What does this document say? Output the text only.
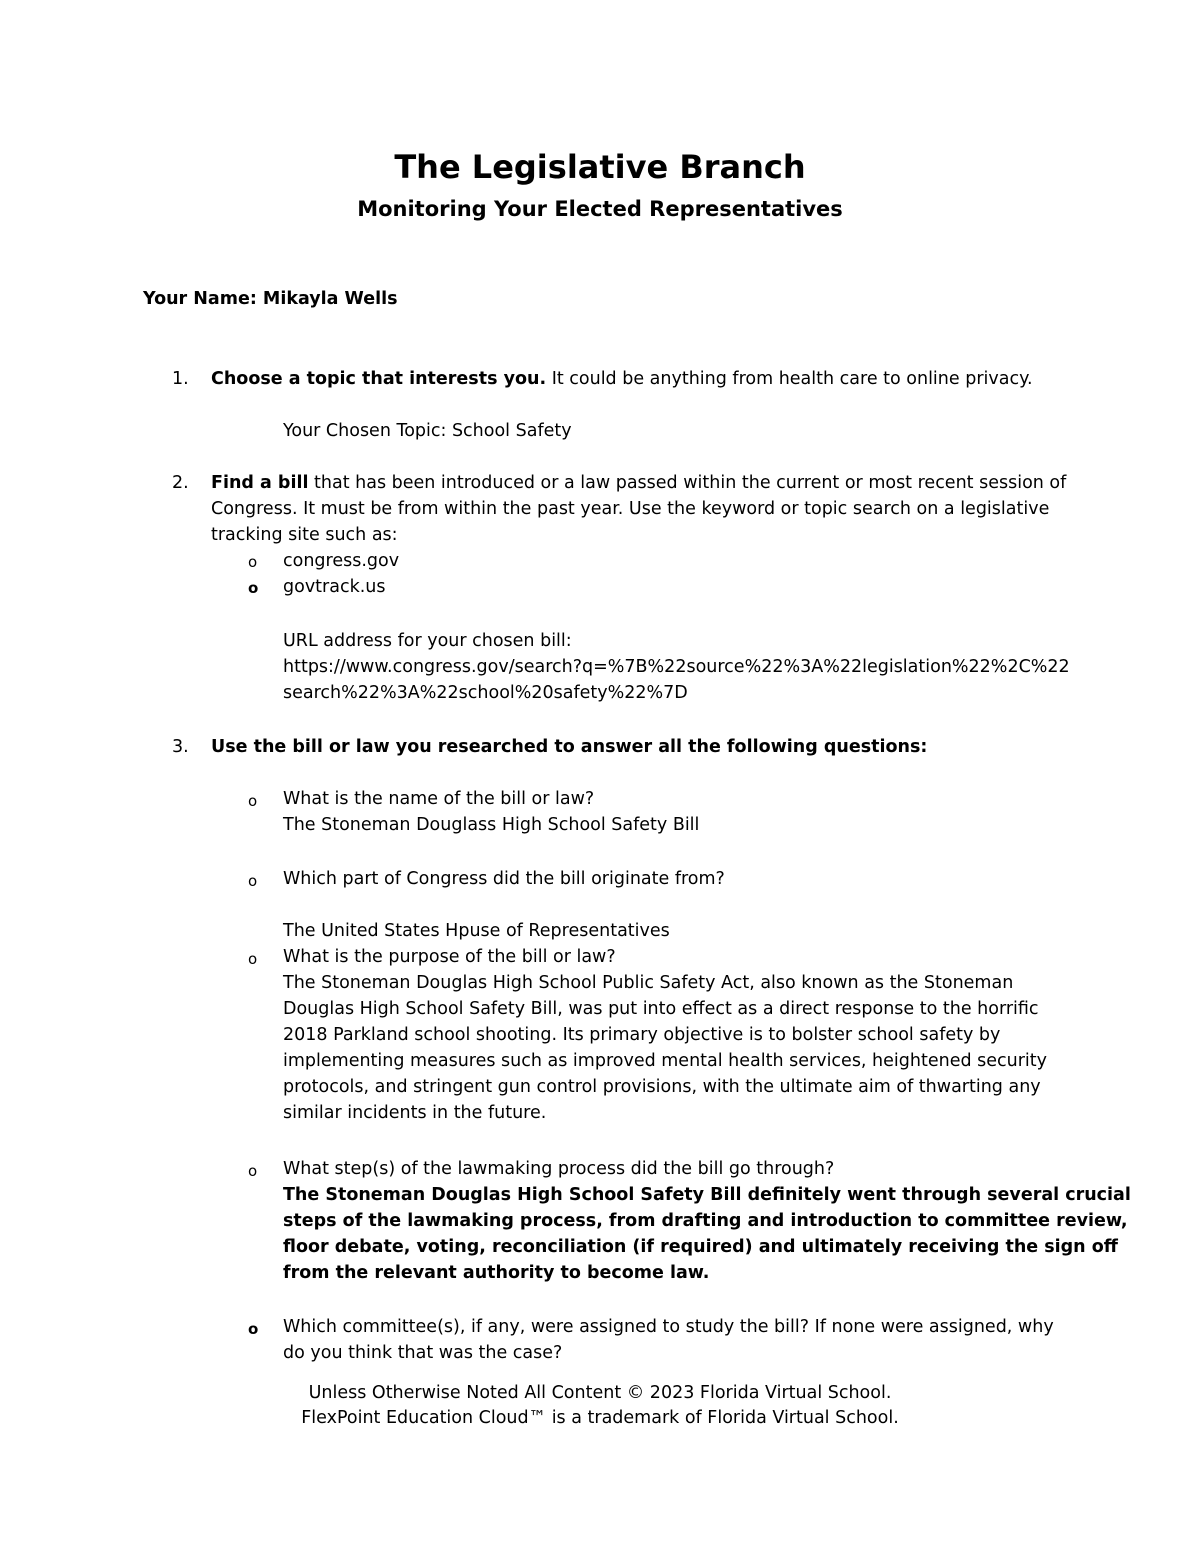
The Legislative Branch
Monitoring Your Elected Representatives
Your Name: Mikayla Wells
1. Choose a topic that interests you. It could be anything from health care to online privacy.
Your Chosen Topic: School Safety
2. Find a bill that has been introduced or a law passed within the current or most recent session of
Congress. It must be from within the past year. Use the keyword or topic search on a legislative
tracking site such as:
o congress.gov
o govtrack.us
URL address for your chosen bill:
https://www.congress.gov/search?q=%7B%22source%22%3A%22legislation%22%2C%22
search%22%3A%22school%20safety%22%7D
3. Use the bill or law you researched to answer all the following questions:
o What is the name of the bill or law?
The Stoneman Douglass High School Safety Bill
o Which part of Congress did the bill originate from?
The United States Hpuse of Representatives
o What is the purpose of the bill or law?
The Stoneman Douglas High School Public Safety Act, also known as the Stoneman
Douglas High School Safety Bill, was put into effect as a direct response to the horrific
2018 Parkland school shooting. Its primary objective is to bolster school safety by
implementing measures such as improved mental health services, heightened security
protocols, and stringent gun control provisions, with the ultimate aim of thwarting any
similar incidents in the future.
o What step(s) of the lawmaking process did the bill go through?
The Stoneman Douglas High School Safety Bill definitely went through several crucial
steps of the lawmaking process, from drafting and introduction to committee review,
floor debate, voting, reconciliation (if required) and ultimately receiving the sign off
from the relevant authority to become law.
o Which committee(s), if any, were assigned to study the bill? If none were assigned, why
do you think that was the case?
Unless Otherwise Noted All Content © 2023 Florida Virtual School.
FlexPoint Education Cloud™ is a trademark of Florida Virtual School.
